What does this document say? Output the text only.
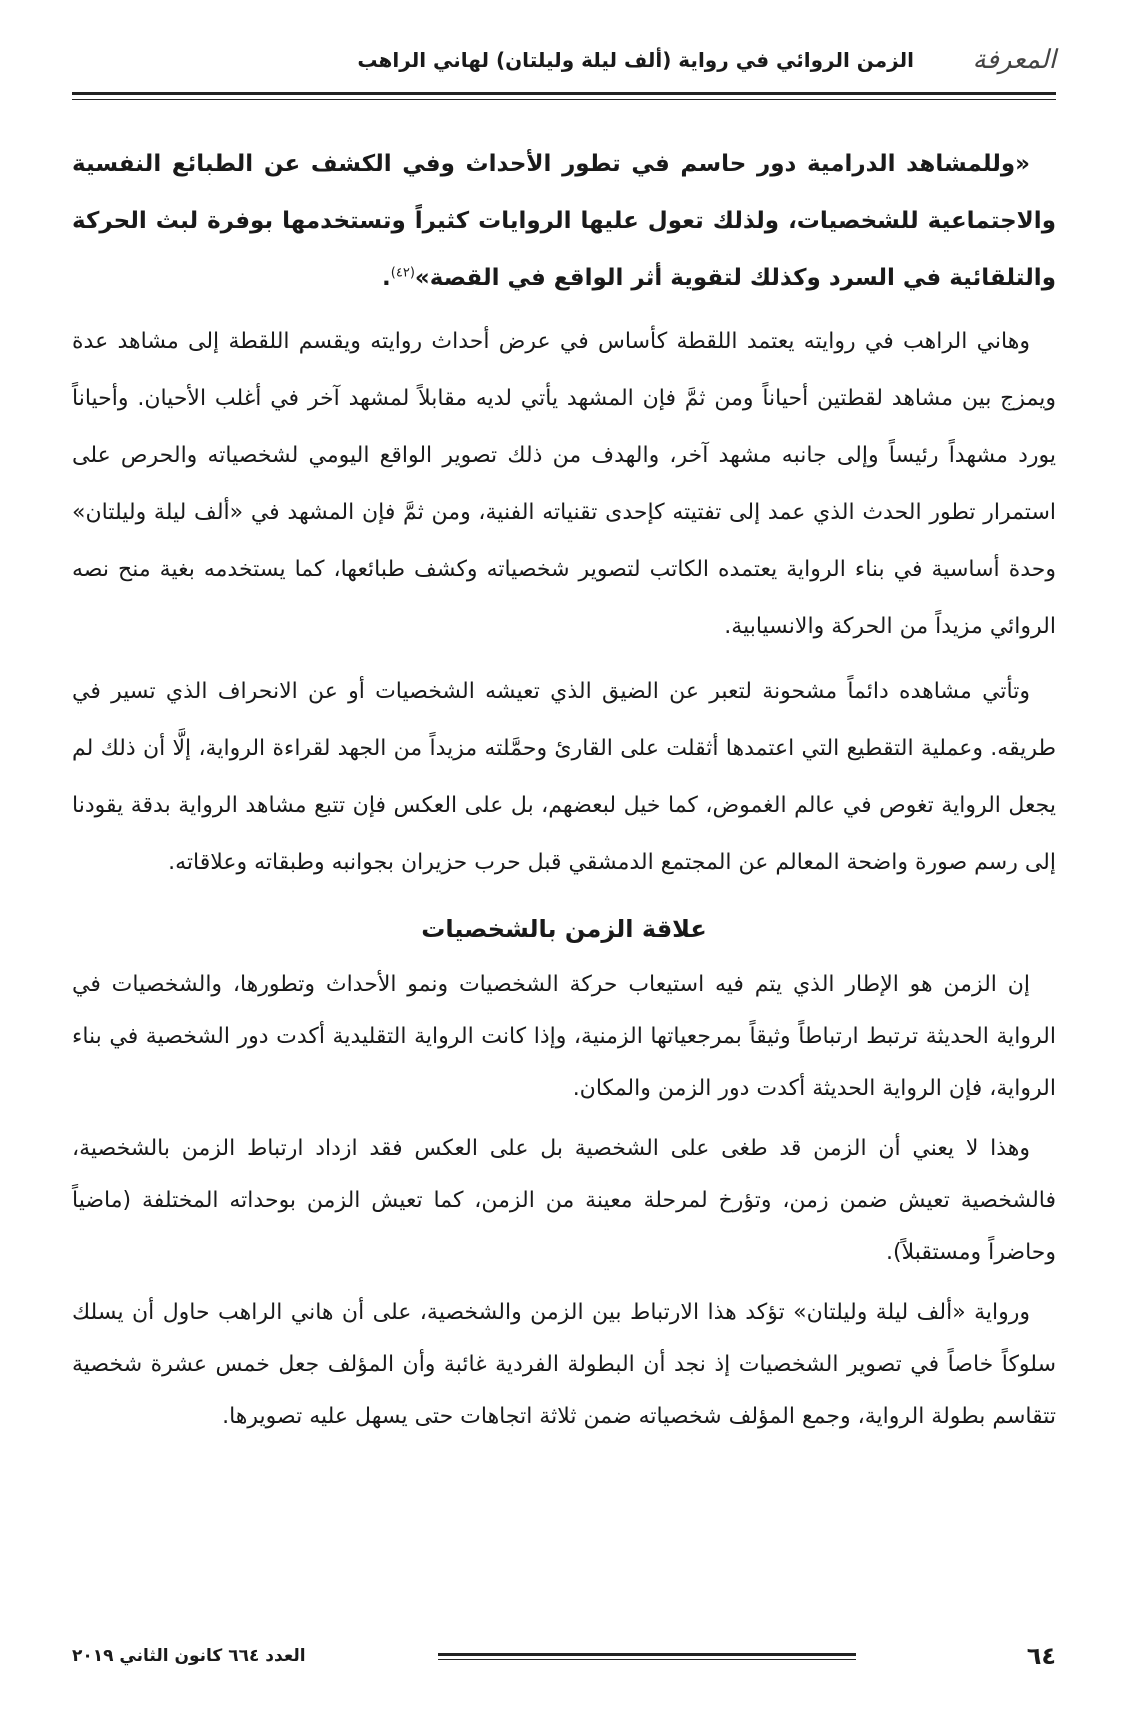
المعرفة
الزمن الروائي في رواية (ألف ليلة وليلتان) لهاني الراهب

«وللمشاهد الدرامية دور حاسم في تطور الأحداث وفي الكشف عن الطبائع النفسية والاجتماعية للشخصيات، ولذلك تعول عليها الروايات كثيراً وتستخدمها بوفرة لبث الحركة والتلقائية في السرد وكذلك لتقوية أثر الواقع في القصة»$^{(٤٢)}$.

وهاني الراهب في روايته يعتمد اللقطة كأساس في عرض أحداث روايته ويقسم اللقطة إلى مشاهد عدة ويمزج بين مشاهد لقطتين أحياناً ومن ثمَّ فإن المشهد يأتي لديه مقابلاً لمشهد آخر في أغلب الأحيان. وأحياناً يورد مشهداً رئيساً وإلى جانبه مشهد آخر، والهدف من ذلك تصوير الواقع اليومي لشخصياته والحرص على استمرار تطور الحدث الذي عمد إلى تفتيته كإحدى تقنياته الفنية، ومن ثمَّ فإن المشهد في «ألف ليلة وليلتان» وحدة أساسية في بناء الرواية يعتمده الكاتب لتصوير شخصياته وكشف طبائعها، كما يستخدمه بغية منح نصه الروائي مزيداً من الحركة والانسيابية.

وتأتي مشاهده دائماً مشحونة لتعبر عن الضيق الذي تعيشه الشخصيات أو عن الانحراف الذي تسير في طريقه. وعملية التقطيع التي اعتمدها أثقلت على القارئ وحمَّلته مزيداً من الجهد لقراءة الرواية، إلَّا أن ذلك لم يجعل الرواية تغوص في عالم الغموض، كما خيل لبعضهم، بل على العكس فإن تتبع مشاهد الرواية بدقة يقودنا إلى رسم صورة واضحة المعالم عن المجتمع الدمشقي قبل حرب حزيران بجوانبه وطبقاته وعلاقاته.

علاقة الزمن بالشخصيات

إن الزمن هو الإطار الذي يتم فيه استيعاب حركة الشخصيات ونمو الأحداث وتطورها، والشخصيات في الرواية الحديثة ترتبط ارتباطاً وثيقاً بمرجعياتها الزمنية، وإذا كانت الرواية التقليدية أكدت دور الشخصية في بناء الرواية، فإن الرواية الحديثة أكدت دور الزمن والمكان.

وهذا لا يعني أن الزمن قد طغى على الشخصية بل على العكس فقد ازداد ارتباط الزمن بالشخصية، فالشخصية تعيش ضمن زمن، وتؤرخ لمرحلة معينة من الزمن، كما تعيش الزمن بوحداته المختلفة (ماضياً وحاضراً ومستقبلاً).

ورواية «ألف ليلة وليلتان» تؤكد هذا الارتباط بين الزمن والشخصية، على أن هاني الراهب حاول أن يسلك سلوكاً خاصاً في تصوير الشخصيات إذ نجد أن البطولة الفردية غائبة وأن المؤلف جعل خمس عشرة شخصية تتقاسم بطولة الرواية، وجمع المؤلف شخصياته ضمن ثلاثة اتجاهات حتى يسهل عليه تصويرها.

٦٤
العدد ٦٦٤ كانون الثاني ٢٠١٩
